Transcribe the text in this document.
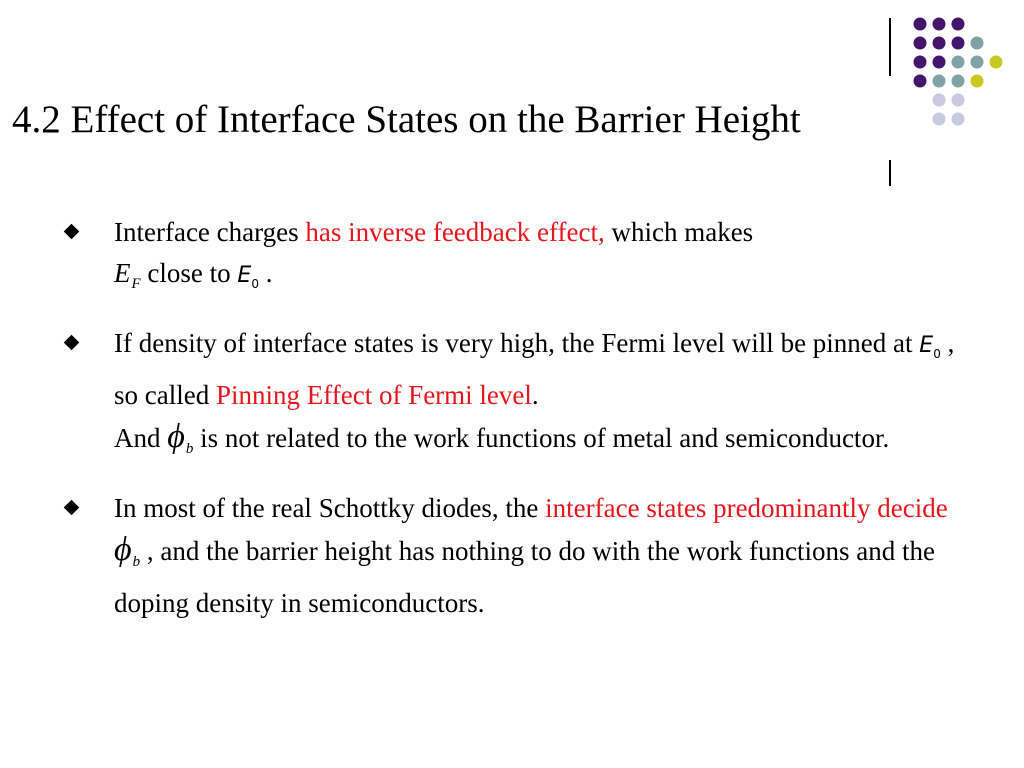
4.2 Effect of Interface States on the Barrier Height
Interface charges has inverse feedback effect, which makes
$E_F$ close to $E_0$ .
If density of interface states is very high, the Fermi level will be pinned at $E_0$ , so called Pinning Effect of Fermi level.
And $\phi_b$ is not related to the work functions of metal and semiconductor.
In most of the real Schottky diodes, the interface states predominantly decide $\phi_b$ , and the barrier height has nothing to do with the work functions and the doping density in semiconductors.
